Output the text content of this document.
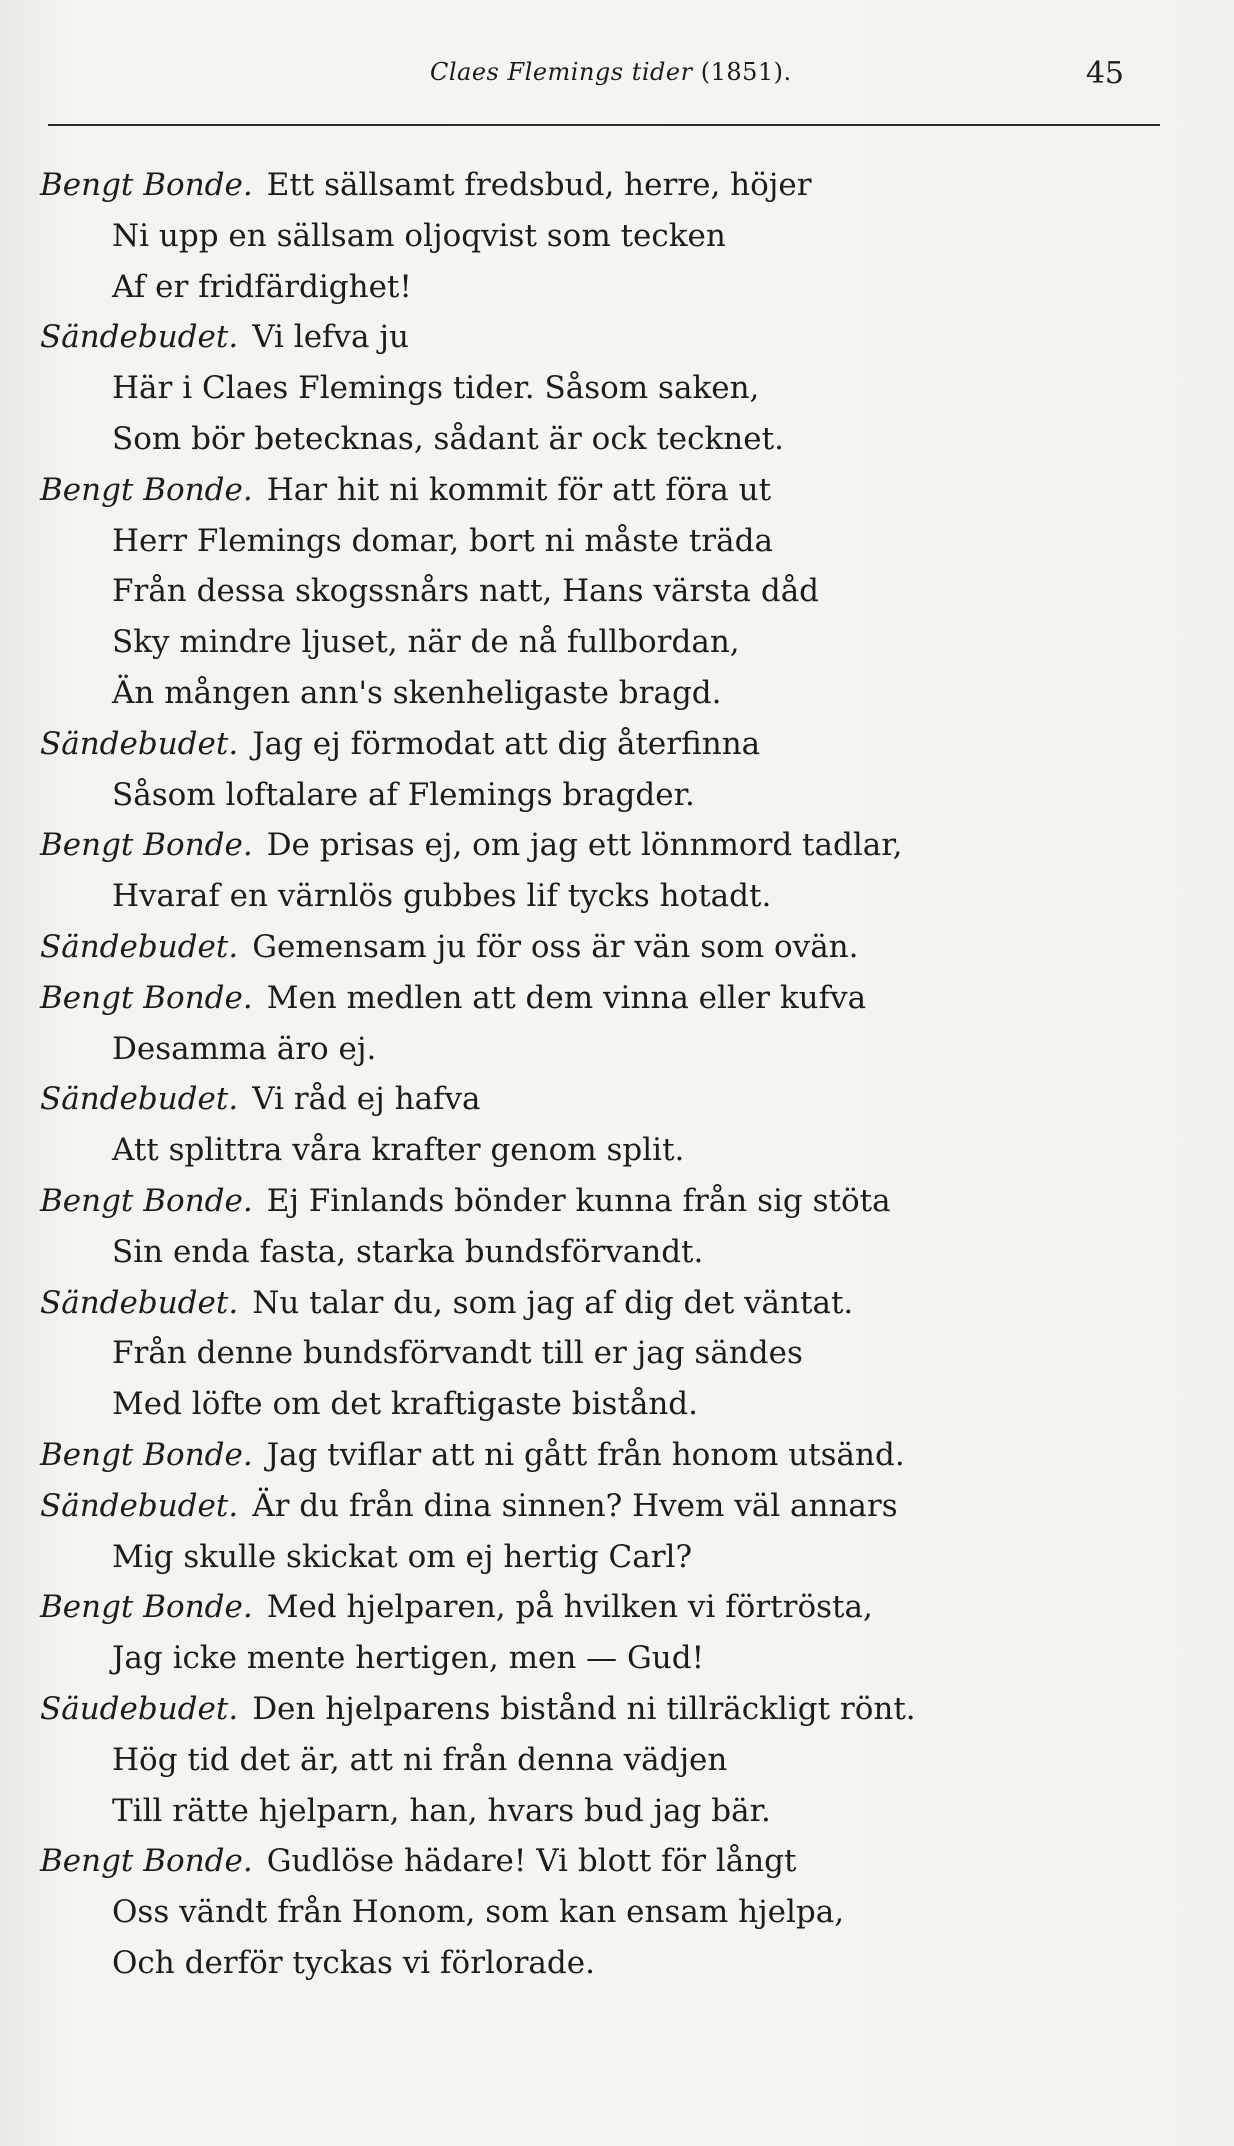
Claes Flemings tider (1851).	45
Bengt Bonde. Ett sällsamt fredsbud, herre, höjer
Ni upp en sällsam oljoqvist som tecken
Af er fridfärdighet!
Sändebudet. Vi lefva ju
Här i Claes Flemings tider. Såsom saken,
Som bör betecknas, sådant är ock tecknet.
Bengt Bonde. Har hit ni kommit för att föra ut
Herr Flemings domar, bort ni måste träda
Från dessa skogssnårs natt, Hans värsta dåd
Sky mindre ljuset, när de nå fullbordan,
Än mången ann's skenheligaste bragd.
Sändebudet. Jag ej förmodat att dig återfinna
Såsom loftalare af Flemings bragder.
Bengt Bonde. De prisas ej, om jag ett lönnmord tadlar,
Hvaraf en värnlös gubbes lif tycks hotadt.
Sändebudet. Gemensam ju för oss är vän som ovän.
Bengt Bonde. Men medlen att dem vinna eller kufva
Desamma äro ej.
Sändebudet. Vi råd ej hafva
Att splittra våra krafter genom split.
Bengt Bonde. Ej Finlands bönder kunna från sig stöta
Sin enda fasta, starka bundsförvandt.
Sändebudet. Nu talar du, som jag af dig det väntat.
Från denne bundsförvandt till er jag sändes
Med löfte om det kraftigaste bistånd.
Bengt Bonde. Jag tviflar att ni gått från honom utsänd.
Sändebudet. Är du från dina sinnen? Hvem väl annars
Mig skulle skickat om ej hertig Carl?
Bengt Bonde. Med hjelparen, på hvilken vi förtrösta,
Jag icke mente hertigen, men — Gud!
Säudebudet. Den hjelparens bistånd ni tillräckligt rönt.
Hög tid det är, att ni från denna vädjen
Till rätte hjelparn, han, hvars bud jag bär.
Bengt Bonde. Gudlöse hädare! Vi blott för långt
Oss vändt från Honom, som kan ensam hjelpa,
Och derför tyckas vi förlorade.
